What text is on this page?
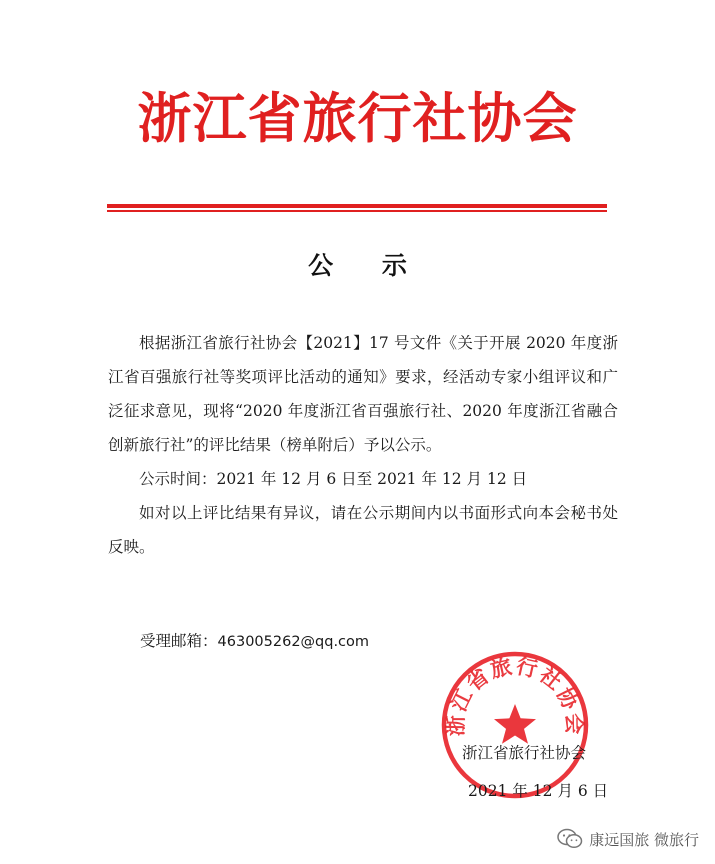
浙江省旅行社协会
公 示

根据浙江省旅行社协会【2021】17 号文件《关于开展 2020 年度浙江省百强旅行社等奖项评比活动的通知》要求，经活动专家小组评议和广泛征求意见，现将“2020 年度浙江省百强旅行社、2020 年度浙江省融合创新旅行社”的评比结果（榜单附后）予以公示。

公示时间：2021 年 12 月 6 日至 2021 年 12 月 12 日

如对以上评比结果有异议，请在公示期间内以书面形式向本会秘书处反映。

受理邮箱：463005262@qq.com
浙江省旅行社协会
浙江省旅行社协会
2021 年 12 月 6 日
康远国旅 微旅行
